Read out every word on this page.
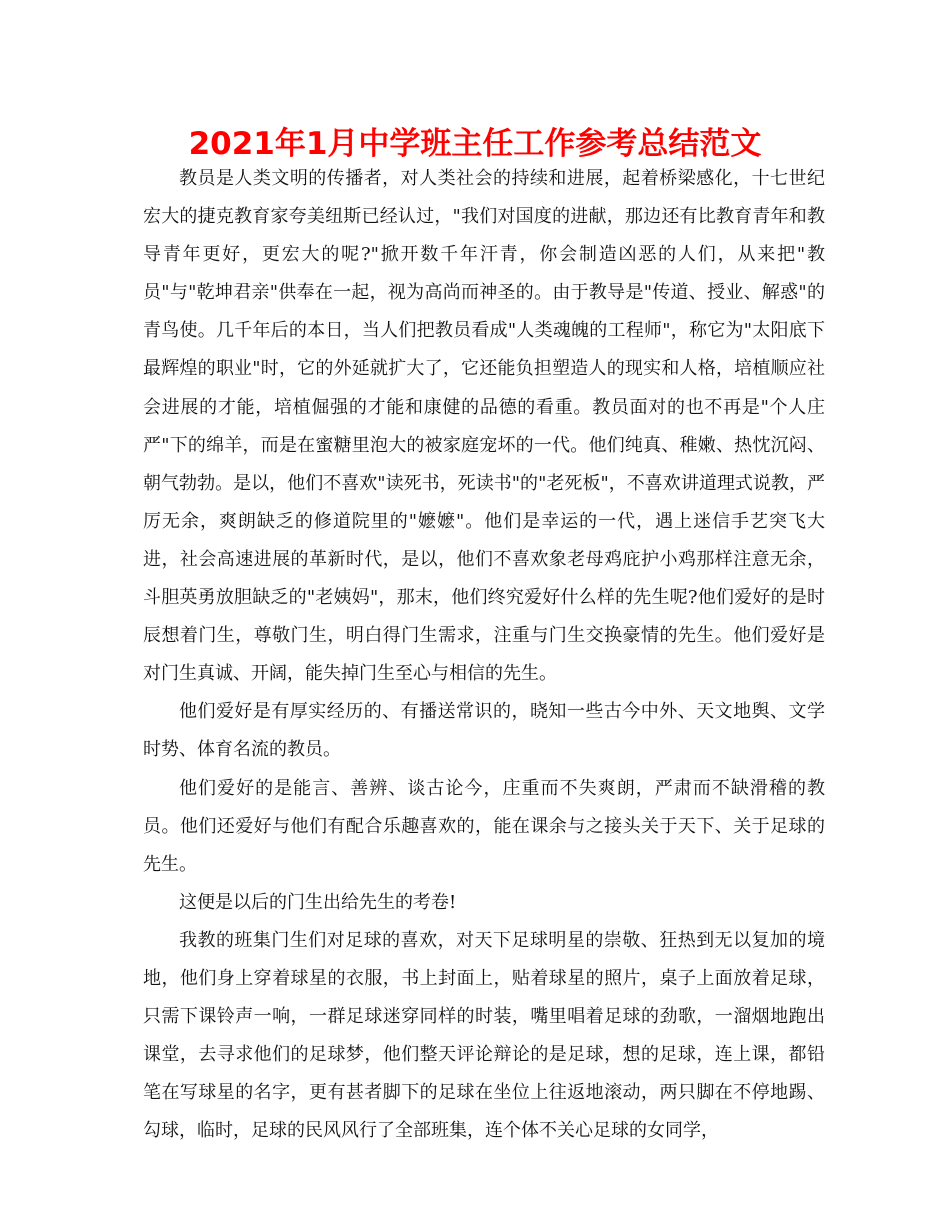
2021年1月中学班主任工作参考总结范文

教员是人类文明的传播者，对人类社会的持续和进展，起着桥梁感化，十七世纪宏大的捷克教育家夸美纽斯已经认过，"我们对国度的进献，那边还有比教育青年和教导青年更好，更宏大的呢?"掀开数千年汗青，你会制造凶恶的人们，从来把"教员"与"乾坤君亲"供奉在一起，视为高尚而神圣的。由于教导是"传道、授业、解惑"的青鸟使。几千年后的本日，当人们把教员看成"人类魂魄的工程师"，称它为"太阳底下最辉煌的职业"时，它的外延就扩大了，它还能负担塑造人的现实和人格，培植顺应社会进展的才能，培植倔强的才能和康健的品德的看重。教员面对的也不再是"个人庄严"下的绵羊，而是在蜜糖里泡大的被家庭宠坏的一代。他们纯真、稚嫩、热忱沉闷、朝气勃勃。是以，他们不喜欢"读死书，死读书"的"老死板"，不喜欢讲道理式说教，严厉无余，爽朗缺乏的修道院里的"嬷嬷"。他们是幸运的一代，遇上迷信手艺突飞大进，社会高速进展的革新时代，是以，他们不喜欢象老母鸡庇护小鸡那样注意无余，斗胆英勇放胆缺乏的"老姨妈"，那末，他们终究爱好什么样的先生呢?他们爱好的是时辰想着门生，尊敬门生，明白得门生需求，注重与门生交换豪情的先生。他们爱好是对门生真诚、开阔，能失掉门生至心与相信的先生。

他们爱好是有厚实经历的、有播送常识的，晓知一些古今中外、天文地舆、文学时势、体育名流的教员。

他们爱好的是能言、善辨、谈古论今，庄重而不失爽朗，严肃而不缺滑稽的教员。他们还爱好与他们有配合乐趣喜欢的，能在课余与之接头关于天下、关于足球的先生。

这便是以后的门生出给先生的考卷!

我教的班集门生们对足球的喜欢，对天下足球明星的崇敬、狂热到无以复加的境地，他们身上穿着球星的衣服，书上封面上，贴着球星的照片，桌子上面放着足球，只需下课铃声一响，一群足球迷穿同样的时装，嘴里唱着足球的劲歌，一溜烟地跑出课堂，去寻求他们的足球梦，他们整天评论辩论的是足球，想的足球，连上课，都铅笔在写球星的名字，更有甚者脚下的足球在坐位上往返地滚动，两只脚在不停地踢、勾球，临时，足球的民风风行了全部班集，连个体不关心足球的女同学，
